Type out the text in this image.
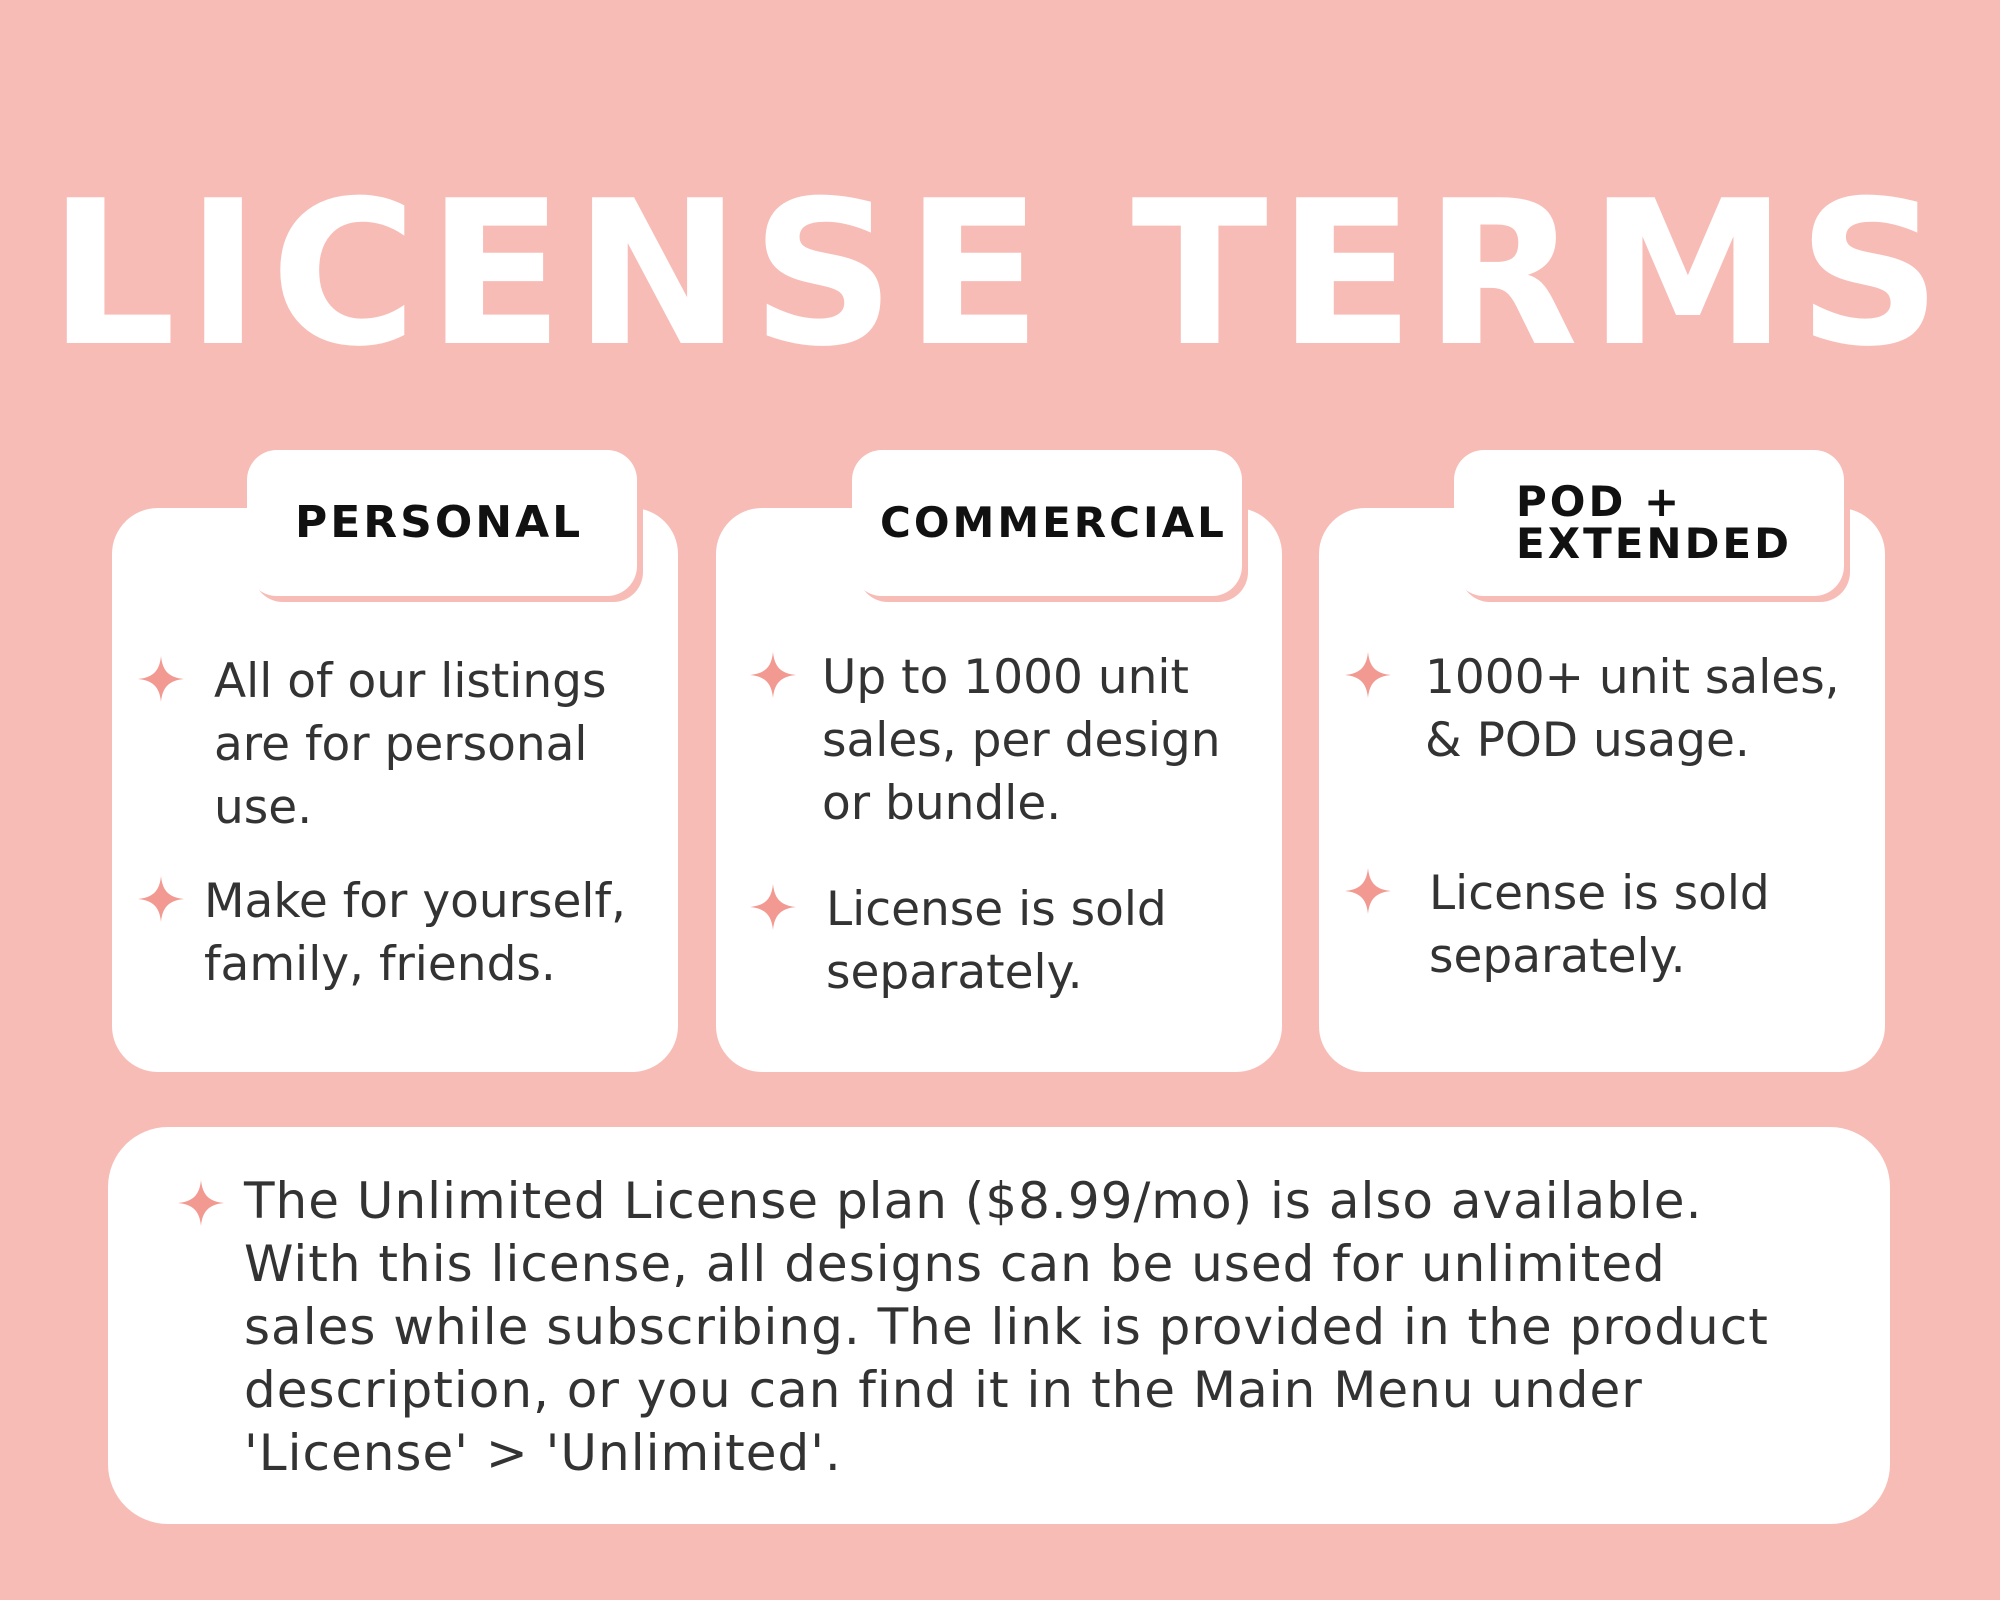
LICENSE TERMS
PERSONAL
All of our listings
are for personal
use.
Make for yourself,
family, friends.
COMMERCIAL
Up to 1000 unit
sales, per design
or bundle.
License is sold
separately.
POD +
EXTENDED
1000+ unit sales,
& POD usage.
License is sold
separately.
The Unlimited License plan ($8.99/mo) is also available.
With this license, all designs can be used for unlimited
sales while subscribing. The link is provided in the product
description, or you can find it in the Main Menu under
'License' > 'Unlimited'.
